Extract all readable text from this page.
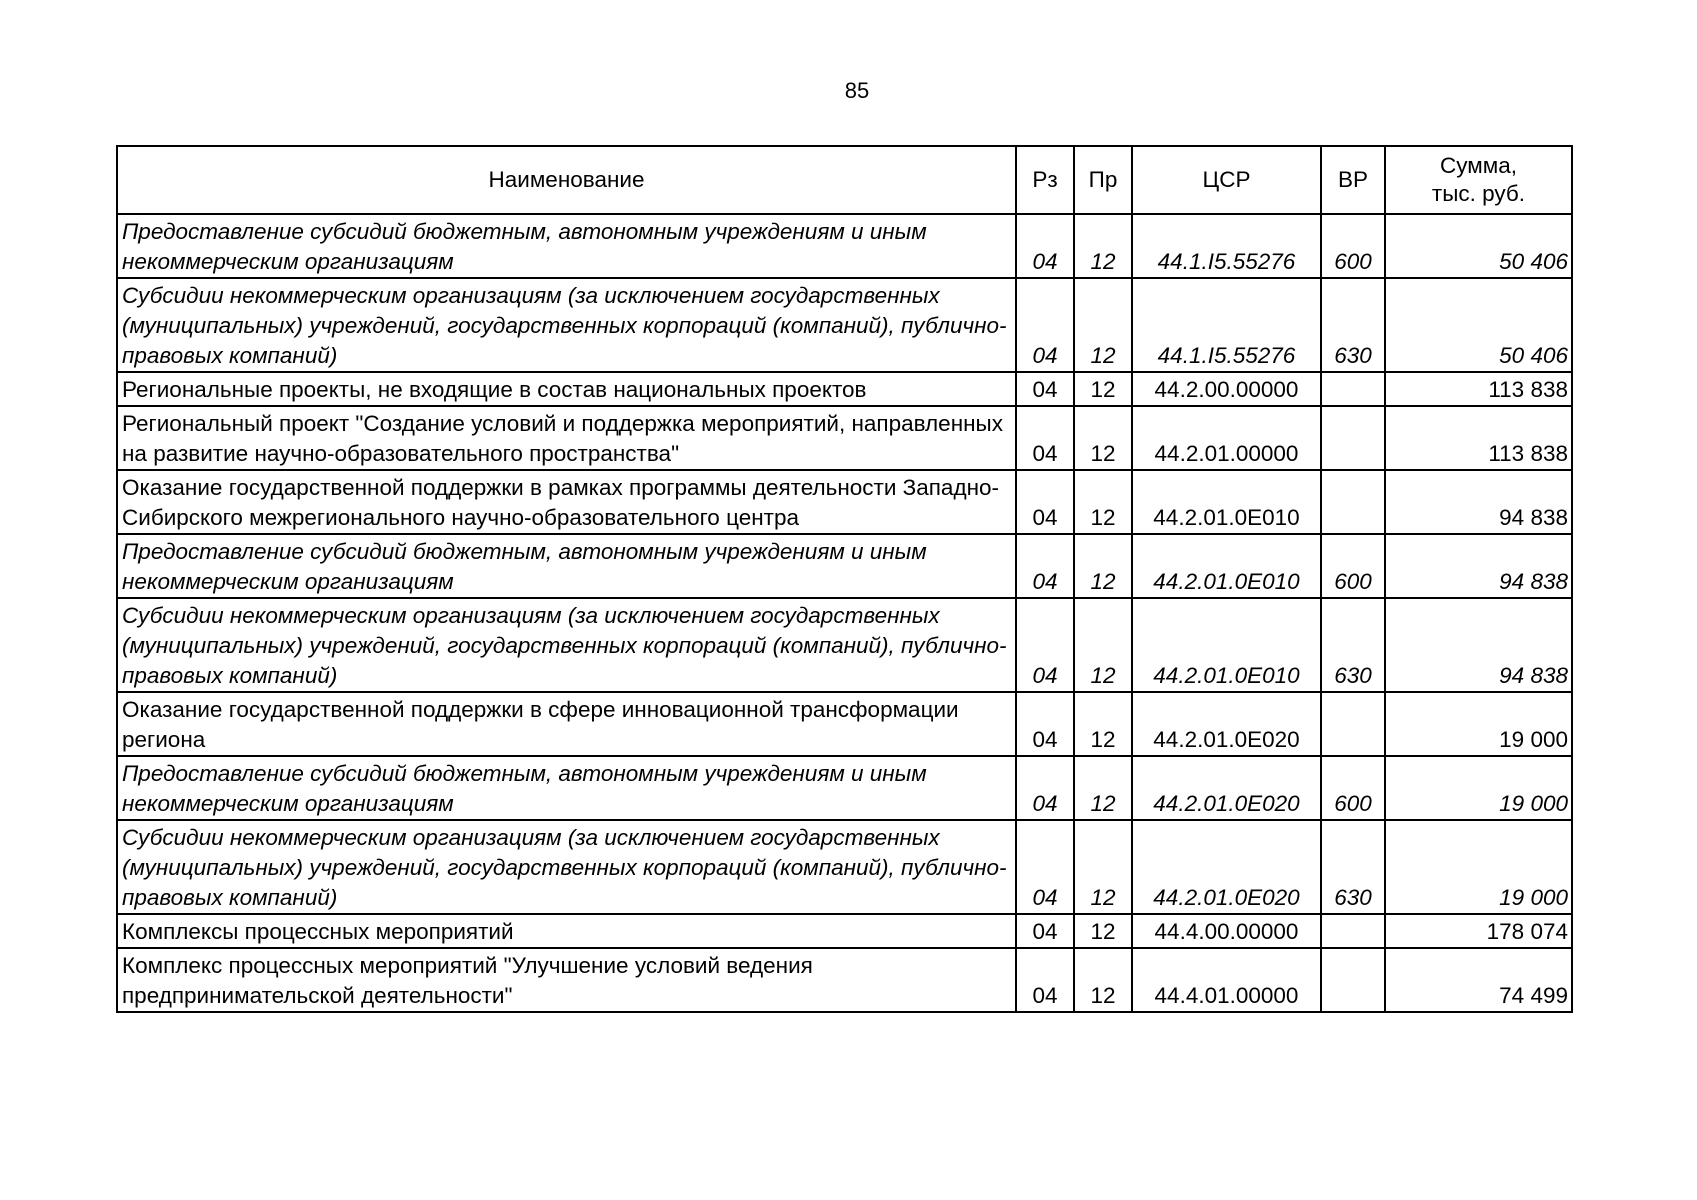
85
Наименование	Рз	Пр	ЦСР	ВР	Сумма,
тыс. руб.

Предоставление субсидий бюджетным, автономным учреждениям и иным некоммерческим организациям	04	12	44.1.I5.55276	600	50 406
Субсидии некоммерческим организациям (за исключением государственных (муниципальных) учреждений, государственных корпораций (компаний), публично-правовых компаний)	04	12	44.1.I5.55276	630	50 406
Региональные проекты, не входящие в состав национальных проектов	04	12	44.2.00.00000		113 838
Региональный проект "Создание условий и поддержка мероприятий, направленных на развитие научно-образовательного пространства"	04	12	44.2.01.00000		113 838
Оказание государственной поддержки в рамках программы деятельности Западно-Сибирского межрегионального научно-образовательного центра	04	12	44.2.01.0Е010		94 838
Предоставление субсидий бюджетным, автономным учреждениям и иным некоммерческим организациям	04	12	44.2.01.0Е010	600	94 838
Субсидии некоммерческим организациям (за исключением государственных (муниципальных) учреждений, государственных корпораций (компаний), публично-правовых компаний)	04	12	44.2.01.0Е010	630	94 838
Оказание государственной поддержки в сфере инновационной трансформации региона	04	12	44.2.01.0Е020		19 000
Предоставление субсидий бюджетным, автономным учреждениям и иным некоммерческим организациям	04	12	44.2.01.0Е020	600	19 000
Субсидии некоммерческим организациям (за исключением государственных (муниципальных) учреждений, государственных корпораций (компаний), публично-правовых компаний)	04	12	44.2.01.0Е020	630	19 000
Комплексы процессных мероприятий	04	12	44.4.00.00000		178 074
Комплекс процессных мероприятий "Улучшение условий ведения предпринимательской деятельности"	04	12	44.4.01.00000		74 499
